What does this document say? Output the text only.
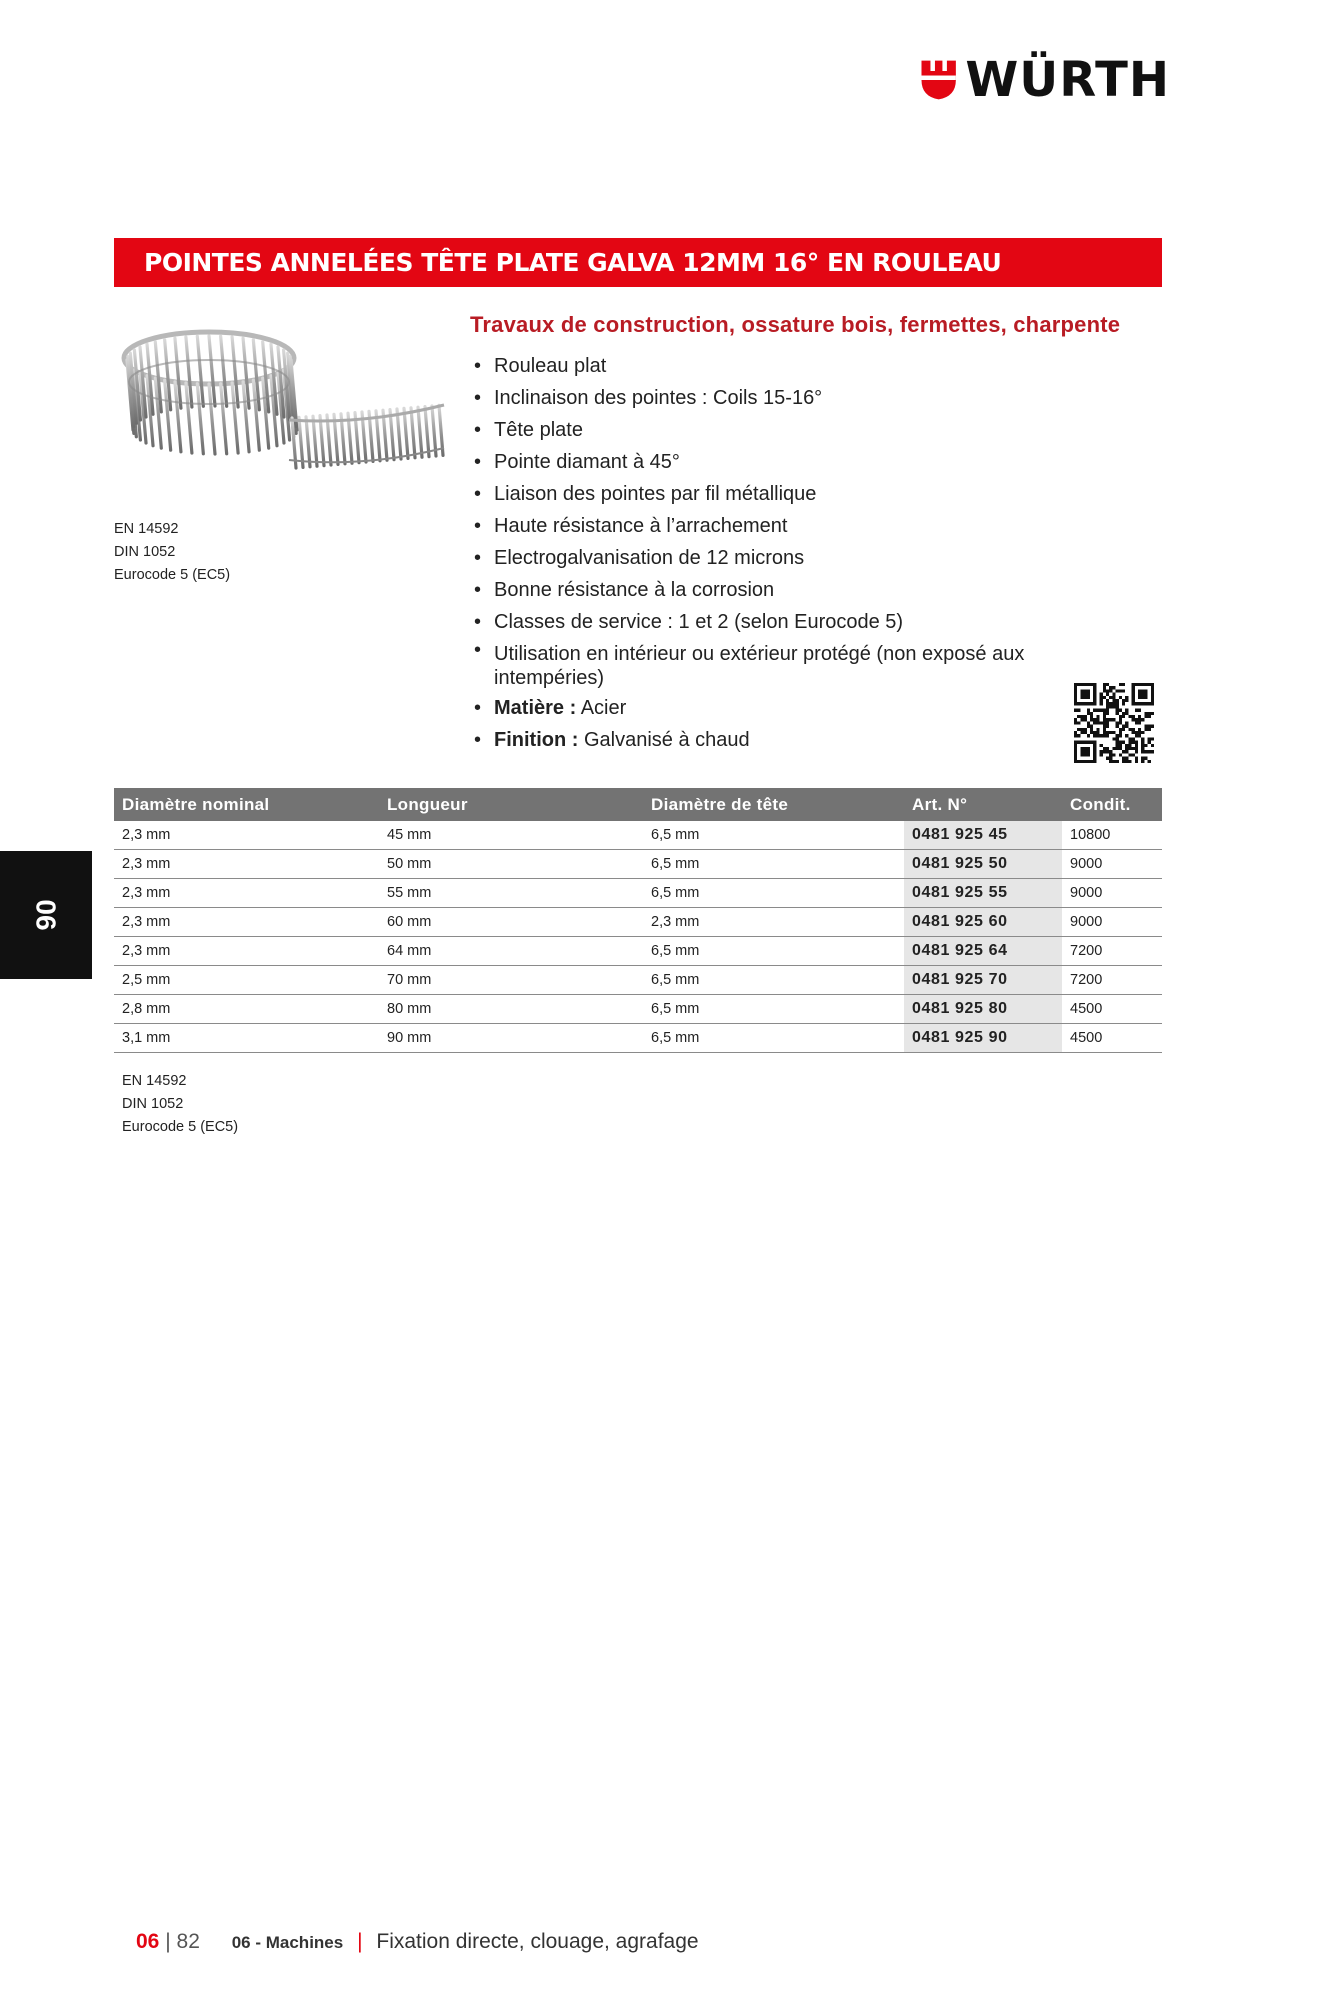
WÜRTH
POINTES ANNELÉES TÊTE PLATE GALVA 12MM 16° EN ROULEAU
EN 14592
DIN 1052
Eurocode 5 (EC5)
Travaux de construction, ossature bois, fermettes, charpente
• Rouleau plat
• Inclinaison des pointes : Coils 15-16°
• Tête plate
• Pointe diamant à 45°
• Liaison des pointes par fil métallique
• Haute résistance à l’arrachement
• Electrogalvanisation de 12 microns
• Bonne résistance à la corrosion
• Classes de service : 1 et 2 (selon Eurocode 5)
• Utilisation en intérieur ou extérieur protégé (non exposé aux intempéries)
• Matière : Acier
• Finition : Galvanisé à chaud
Diamètre nominal	Longueur	Diamètre de tête	Art. N°	Condit.
2,3 mm	45 mm	6,5 mm	0481 925 45	10800
2,3 mm	50 mm	6,5 mm	0481 925 50	9000
2,3 mm	55 mm	6,5 mm	0481 925 55	9000
2,3 mm	60 mm	2,3 mm	0481 925 60	9000
2,3 mm	64 mm	6,5 mm	0481 925 64	7200
2,5 mm	70 mm	6,5 mm	0481 925 70	7200
2,8 mm	80 mm	6,5 mm	0481 925 80	4500
3,1 mm	90 mm	6,5 mm	0481 925 90	4500
EN 14592
DIN 1052
Eurocode 5 (EC5)
06
06 | 82 06 - Machines | Fixation directe, clouage, agrafage
